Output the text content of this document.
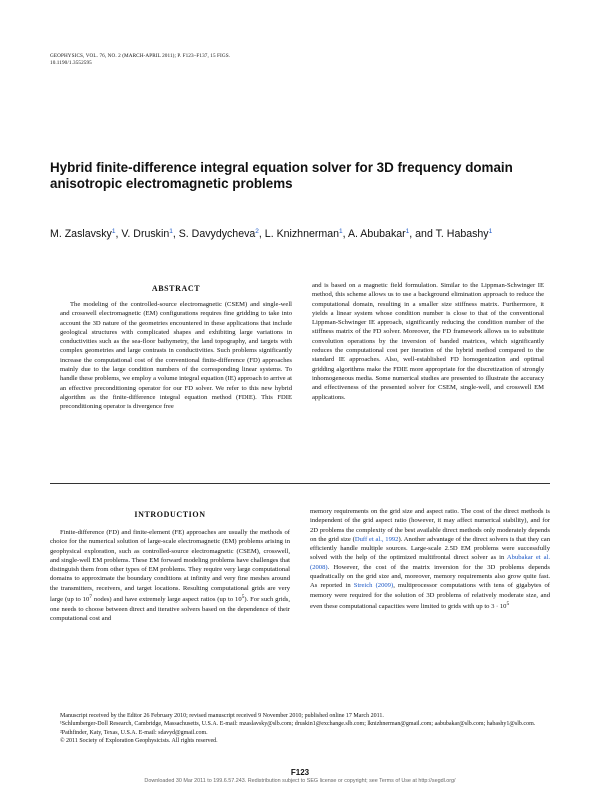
GEOPHYSICS, VOL. 76, NO. 2 (MARCH-APRIL 2011); P. F123–F137, 15 FIGS.
10.1190/1.3552595
Hybrid finite-difference integral equation solver for 3D frequency domain anisotropic electromagnetic problems
M. Zaslavsky$^1$, V. Druskin$^1$, S. Davydycheva$^2$, L. Knizhnerman$^1$, A. Abubakar$^1$, and T. Habashy$^1$
ABSTRACT

The modeling of the controlled-source electromagnetic (CSEM) and single-well and crosswell electromagnetic (EM) configurations requires fine gridding to take into account the 3D nature of the geometries encountered in these applications that include geological structures with complicated shapes and exhibiting large variations in conductivities such as the sea-floor bathymetry, the land topography, and targets with complex geometries and large contrasts in conductivities. Such problems significantly increase the computational cost of the conventional finite-difference (FD) approaches mainly due to the large condition numbers of the corresponding linear systems. To handle these problems, we employ a volume integral equation (IE) approach to arrive at an effective preconditioning operator for our FD solver. We refer to this new hybrid algorithm as the finite-difference integral equation method (FDIE). This FDIE preconditioning operator is divergence free

and is based on a magnetic field formulation. Similar to the Lippman-Schwinger IE method, this scheme allows us to use a background elimination approach to reduce the computational domain, resulting in a smaller size stiffness matrix. Furthermore, it yields a linear system whose condition number is close to that of the conventional Lippman-Schwinger IE approach, significantly reducing the condition number of the stiffness matrix of the FD solver. Moreover, the FD framework allows us to substitute convolution operations by the inversion of banded matrices, which significantly reduces the computational cost per iteration of the hybrid method compared to the standard IE approaches. Also, well-established FD homogenization and optimal gridding algorithms make the FDIE more appropriate for the discretization of strongly inhomogeneous media. Some numerical studies are presented to illustrate the accuracy and effectiveness of the presented solver for CSEM, single-well, and crosswell EM applications.

INTRODUCTION

Finite-difference (FD) and finite-element (FE) approaches are usually the methods of choice for the numerical solution of large-scale electromagnetic (EM) problems arising in geophysical exploration, such as controlled-source electromagnetic (CSEM), crosswell, and single-well EM problems. These EM forward modeling problems have challenges that distinguish them from other types of EM problems. They require very large computational domains to approximate the boundary conditions at infinity and very fine meshes around the transmitters, receivers, and target locations. Resulting computational grids are very large (up to $10^7$ nodes) and have extremely large aspect ratios (up to $10^5$). For such grids, one needs to choose between direct and iterative solvers based on the dependence of their computational cost and

memory requirements on the grid size and aspect ratio. The cost of the direct methods is independent of the grid aspect ratio (however, it may affect numerical stability), and for 2D problems the complexity of the best available direct methods only moderately depends on the grid size (Duff et al., 1992). Another advantage of the direct solvers is that they can efficiently handle multiple sources. Large-scale 2.5D EM problems were successfully solved with the help of the optimized multifrontal direct solver as in Abubakar et al. (2008). However, the cost of the matrix inversion for the 3D problems depends quadratically on the grid size and, moreover, memory requirements also grow quite fast. As reported in Streich (2009), multiprocessor computations with tens of gigabytes of memory were required for the solution of 3D problems of relatively moderate size, and even these computational capacities were limited to grids with up to $3 \cdot 10^5$

Manuscript received by the Editor 26 February 2010; revised manuscript received 9 November 2010; published online 17 March 2011.

¹Schlumberger-Doll Research, Cambridge, Massachusetts, U.S.A. E-mail: mzaslavsky@slb.com; druskin1@exchange.slb.com; lknizhnerman@gmail.com; aabubakar@slb.com; habashy1@slb.com.

²Pathfinder, Katy, Texas, U.S.A. E-mail: sdavyd@gmail.com.

© 2011 Society of Exploration Geophysicists. All rights reserved.

F123
Downloaded 30 Mar 2011 to 199.6.57.243. Redistribution subject to SEG license or copyright; see Terms of Use at http://segdl.org/
